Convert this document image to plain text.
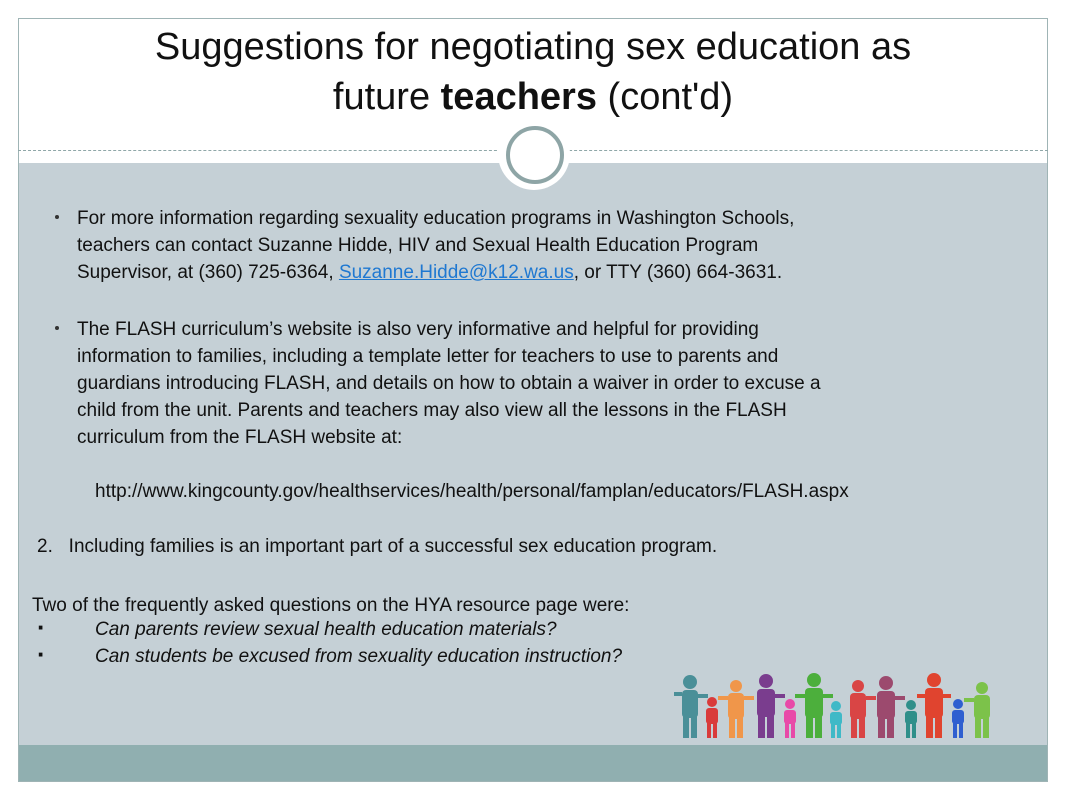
Suggestions for negotiating sex education as
future teachers (cont'd)
For more information regarding sexuality education programs in Washington Schools,
teachers can contact Suzanne Hidde, HIV and Sexual Health Education Program
Supervisor, at (360) 725-6364, Suzanne.Hidde@k12.wa.us, or TTY (360) 664-3631.
The FLASH curriculum’s website is also very informative and helpful for providing
information to families, including a template letter for teachers to use to parents and
guardians introducing FLASH, and details on how to obtain a waiver in order to excuse a
child from the unit. Parents and teachers may also view all the lessons in the FLASH
curriculum from the FLASH website at:
http://www.kingcounty.gov/healthservices/health/personal/famplan/educators/FLASH.aspx
2.   Including families is an important part of a successful sex education program.
Two of the frequently asked questions on the HYA resource page were:
·	Can parents review sexual health education materials?
·	Can students be excused from sexuality education instruction?
